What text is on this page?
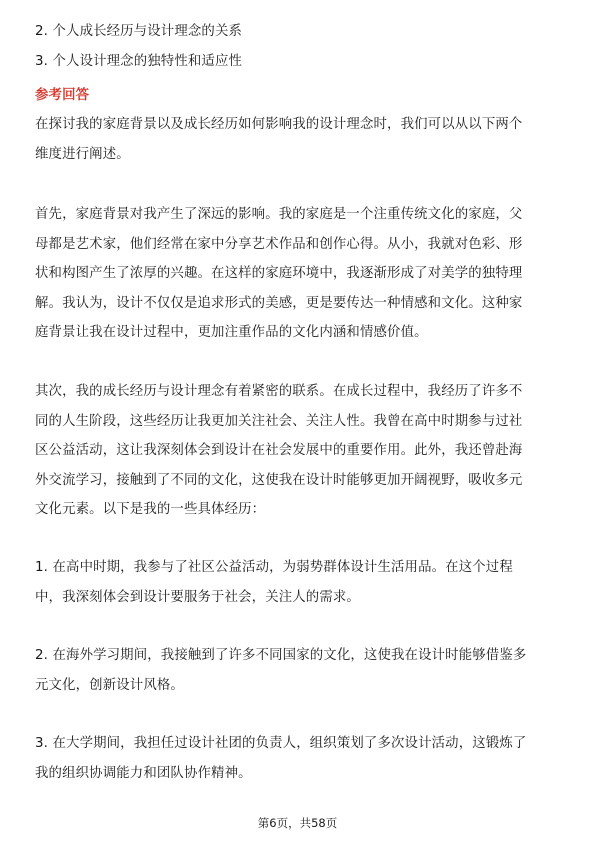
2. 个人成长经历与设计理念的关系
3. 个人设计理念的独特性和适应性
参考回答
在探讨我的家庭背景以及成长经历如何影响我的设计理念时，我们可以从以下两个
维度进行阐述。
首先，家庭背景对我产生了深远的影响。我的家庭是一个注重传统文化的家庭，父
母都是艺术家，他们经常在家中分享艺术作品和创作心得。从小，我就对色彩、形
状和构图产生了浓厚的兴趣。在这样的家庭环境中，我逐渐形成了对美学的独特理
解。我认为，设计不仅仅是追求形式的美感，更是要传达一种情感和文化。这种家
庭背景让我在设计过程中，更加注重作品的文化内涵和情感价值。
其次，我的成长经历与设计理念有着紧密的联系。在成长过程中，我经历了许多不
同的人生阶段，这些经历让我更加关注社会、关注人性。我曾在高中时期参与过社
区公益活动，这让我深刻体会到设计在社会发展中的重要作用。此外，我还曾赴海
外交流学习，接触到了不同的文化，这使我在设计时能够更加开阔视野，吸收多元
文化元素。以下是我的一些具体经历：
1. 在高中时期，我参与了社区公益活动，为弱势群体设计生活用品。在这个过程
中，我深刻体会到设计要服务于社会，关注人的需求。
2. 在海外学习期间，我接触到了许多不同国家的文化，这使我在设计时能够借鉴多
元文化，创新设计风格。
3. 在大学期间，我担任过设计社团的负责人，组织策划了多次设计活动，这锻炼了
我的组织协调能力和团队协作精神。
第6页，共58页
